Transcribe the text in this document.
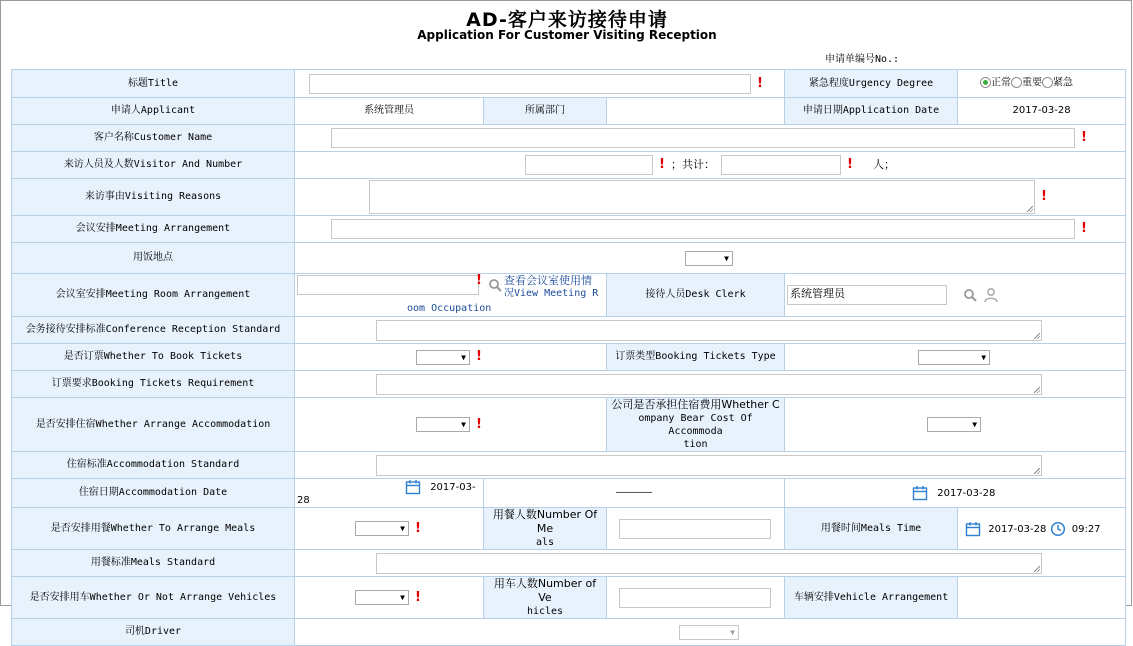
AD-客户来访接待申请
Application For Customer Visiting Reception
申请单编号No.:
标题Title	!			紧急程度Urgency Degree	正常 重要 紧急
申请人Applicant	系统管理员	所属部门		申请日期Application Date	2017-03-28
客户名称Customer Name	!				
来访人员及人数Visitor And Number	! ；共计： ! 人；				
来访事由Visiting Reasons	!				
会议安排Meeting Arrangement	!				
用饭地点	▼
会议室安排Meeting Room Arrangement	! 查看会议室使用情
况View Meeting R
oom Occupation		接待人员Desk Clerk	系统管理员	
会务接待安排标准Conference Reception Standard					
是否订票Whether To Book Tickets	▼!		订票类型Booking Tickets Type	▼
订票要求Booking Tickets Requirement					
是否安排住宿Whether Arrange Accommodation	▼!		公司是否承担住宿费用Whether C
ompany Bear Cost Of Accommoda
tion	▼
住宿标准Accommodation Standard					
住宿日期Accommodation Date	2017-03-28	——————		2017-03-28	
是否安排用餐Whether To Arrange Meals	▼!	用餐人数Number Of Me
als		用餐时间Meals Time	2017-03-28 09:27
用餐标准Meals Standard					
是否安排用车Whether Or Not Arrange Vehicles	▼!	用车人数Number of Ve
hicles		车辆安排Vehicle Arrangement	
司机Driver	▼
